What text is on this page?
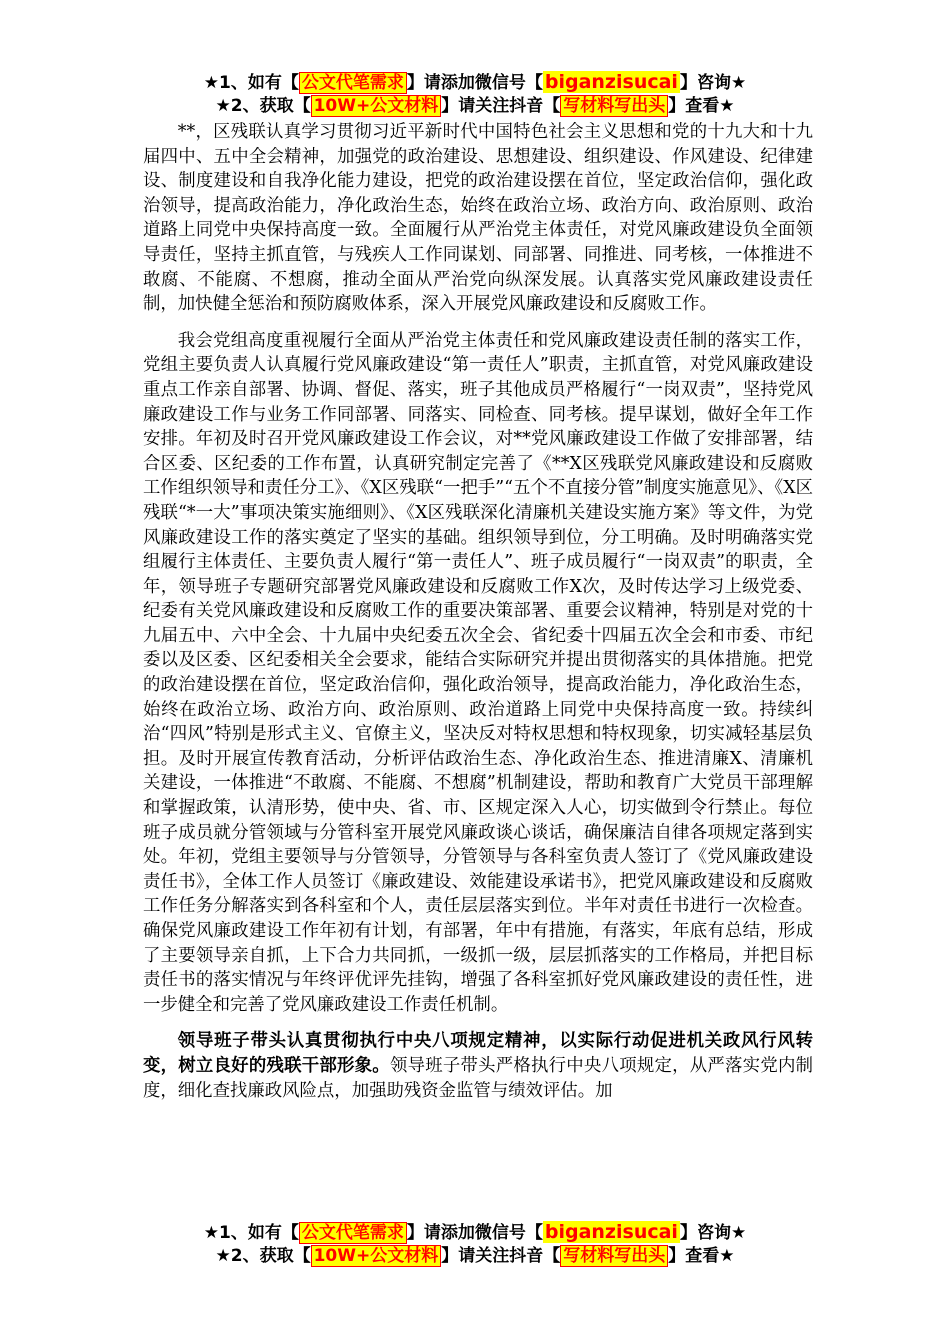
★1、如有【 公文代笔需求 】请添加微信号【 biganzisucai 】咨询★
★2、获取【 10W+公文材料 】请关注抖音【 写材料写出头 】查看★

**，区残联认真学习贯彻习近平新时代中国特色社会主义思想和党的十九大和十九届四中、五中全会精神，加强党的政治建设、思想建设、组织建设、作风建设、纪律建设、制度建设和自我净化能力建设，把党的政治建设摆在首位，坚定政治信仰，强化政治领导，提高政治能力，净化政治生态，始终在政治立场、政治方向、政治原则、政治道路上同党中央保持高度一致。全面履行从严治党主体责任，对党风廉政建设负全面领导责任，坚持主抓直管，与残疾人工作同谋划、同部署、同推进、同考核，一体推进不敢腐、不能腐、不想腐，推动全面从严治党向纵深发展。认真落实党风廉政建设责任制，加快健全惩治和预防腐败体系，深入开展党风廉政建设和反腐败工作。

我会党组高度重视履行全面从严治党主体责任和党风廉政建设责任制的落实工作，党组主要负责人认真履行党风廉政建设“第一责任人”职责，主抓直管，对党风廉政建设重点工作亲自部署、协调、督促、落实，班子其他成员严格履行“一岗双责”，坚持党风廉政建设工作与业务工作同部署、同落实、同检查、同考核。提早谋划，做好全年工作安排。年初及时召开党风廉政建设工作会议，对**党风廉政建设工作做了安排部署，结合区委、区纪委的工作布置，认真研究制定完善了《**X区残联党风廉政建设和反腐败工作组织领导和责任分工》、《X区残联“一把手”“五个不直接分管”制度实施意见》、《X区残联“*一大”事项决策实施细则》、《X区残联深化清廉机关建设实施方案》等文件，为党风廉政建设工作的落实奠定了坚实的基础。组织领导到位，分工明确。及时明确落实党组履行主体责任、主要负责人履行“第一责任人”、班子成员履行“一岗双责”的职责，全年，领导班子专题研究部署党风廉政建设和反腐败工作X次，及时传达学习上级党委、纪委有关党风廉政建设和反腐败工作的重要决策部署、重要会议精神，特别是对党的十九届五中、六中全会、十九届中央纪委五次全会、省纪委十四届五次全会和市委、市纪委以及区委、区纪委相关全会要求，能结合实际研究并提出贯彻落实的具体措施。把党的政治建设摆在首位，坚定政治信仰，强化政治领导，提高政治能力，净化政治生态，始终在政治立场、政治方向、政治原则、政治道路上同党中央保持高度一致。持续纠治“四风”特别是形式主义、官僚主义，坚决反对特权思想和特权现象，切实减轻基层负担。及时开展宣传教育活动，分析评估政治生态、净化政治生态、推进清廉X、清廉机关建设，一体推进“不敢腐、不能腐、不想腐”机制建设，帮助和教育广大党员干部理解和掌握政策，认清形势，使中央、省、市、区规定深入人心，切实做到令行禁止。每位班子成员就分管领域与分管科室开展党风廉政谈心谈话，确保廉洁自律各项规定落到实处。年初，党组主要领导与分管领导，分管领导与各科室负责人签订了《党风廉政建设责任书》，全体工作人员签订《廉政建设、效能建设承诺书》，把党风廉政建设和反腐败工作任务分解落实到各科室和个人，责任层层落实到位。半年对责任书进行一次检查。确保党风廉政建设工作年初有计划，有部署，年中有措施，有落实，年底有总结，形成了主要领导亲自抓，上下合力共同抓，一级抓一级，层层抓落实的工作格局，并把目标责任书的落实情况与年终评优评先挂钩，增强了各科室抓好党风廉政建设的责任性，进一步健全和完善了党风廉政建设工作责任机制。

领导班子带头认真贯彻执行中央八项规定精神，以实际行动促进机关政风行风转变，树立良好的残联干部形象。领导班子带头严格执行中央八项规定，从严落实党内制度，细化查找廉政风险点，加强助残资金监管与绩效评估。加

★1、如有【 公文代笔需求 】请添加微信号【 biganzisucai 】咨询★
★2、获取【 10W+公文材料 】请关注抖音【 写材料写出头 】查看★
